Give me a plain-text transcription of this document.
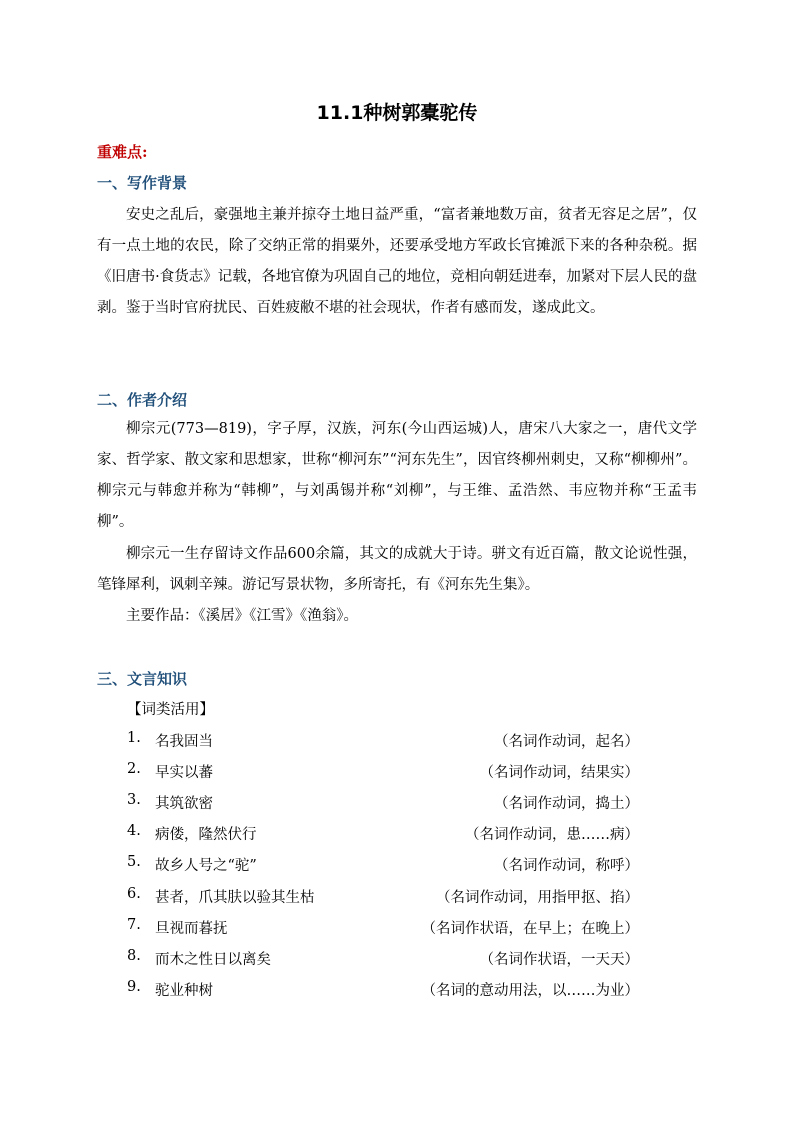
11.1种树郭橐驼传
重难点:
一、写作背景

安史之乱后，豪强地主兼并掠夺土地日益严重，“富者兼地数万亩，贫者无容足之居”，仅有一点土地的农民，除了交纳正常的捐粟外，还要承受地方军政长官摊派下来的各种杂税。据《旧唐书·食货志》记载，各地官僚为巩固自己的地位，竞相向朝廷进奉，加紧对下层人民的盘剥。鉴于当时官府扰民、百姓疲敝不堪的社会现状，作者有感而发，遂成此文。

二、作者介绍

柳宗元(773—819)，字子厚，汉族，河东(今山西运城)人，唐宋八大家之一，唐代文学家、哲学家、散文家和思想家，世称“柳河东”“河东先生”，因官终柳州刺史，又称“柳柳州”。柳宗元与韩愈并称为“韩柳”，与刘禹锡并称“刘柳”，与王维、孟浩然、韦应物并称“王孟韦柳”。

柳宗元一生存留诗文作品600余篇，其文的成就大于诗。骈文有近百篇，散文论说性强，笔锋犀利，讽刺辛辣。游记写景状物，多所寄托，有《河东先生集》。

主要作品：《溪居》《江雪》《渔翁》。

三、文言知识
【词类活用】
1. 名我固当	（名词作动词，起名）
2. 早实以蕃	（名词作动词，结果实）
3. 其筑欲密	（名词作动词，捣土）
4. 病偻，隆然伏行	（名词作动词，患……病）
5. 故乡人号之“驼”	（名词作动词，称呼）
6. 甚者，爪其肤以验其生枯	（名词作动词，用指甲抠、掐）
7. 旦视而暮抚	（名词作状语，在早上；在晚上）
8. 而木之性日以离矣	（名词作状语，一天天）
9. 驼业种树	（名词的意动用法，以……为业）
